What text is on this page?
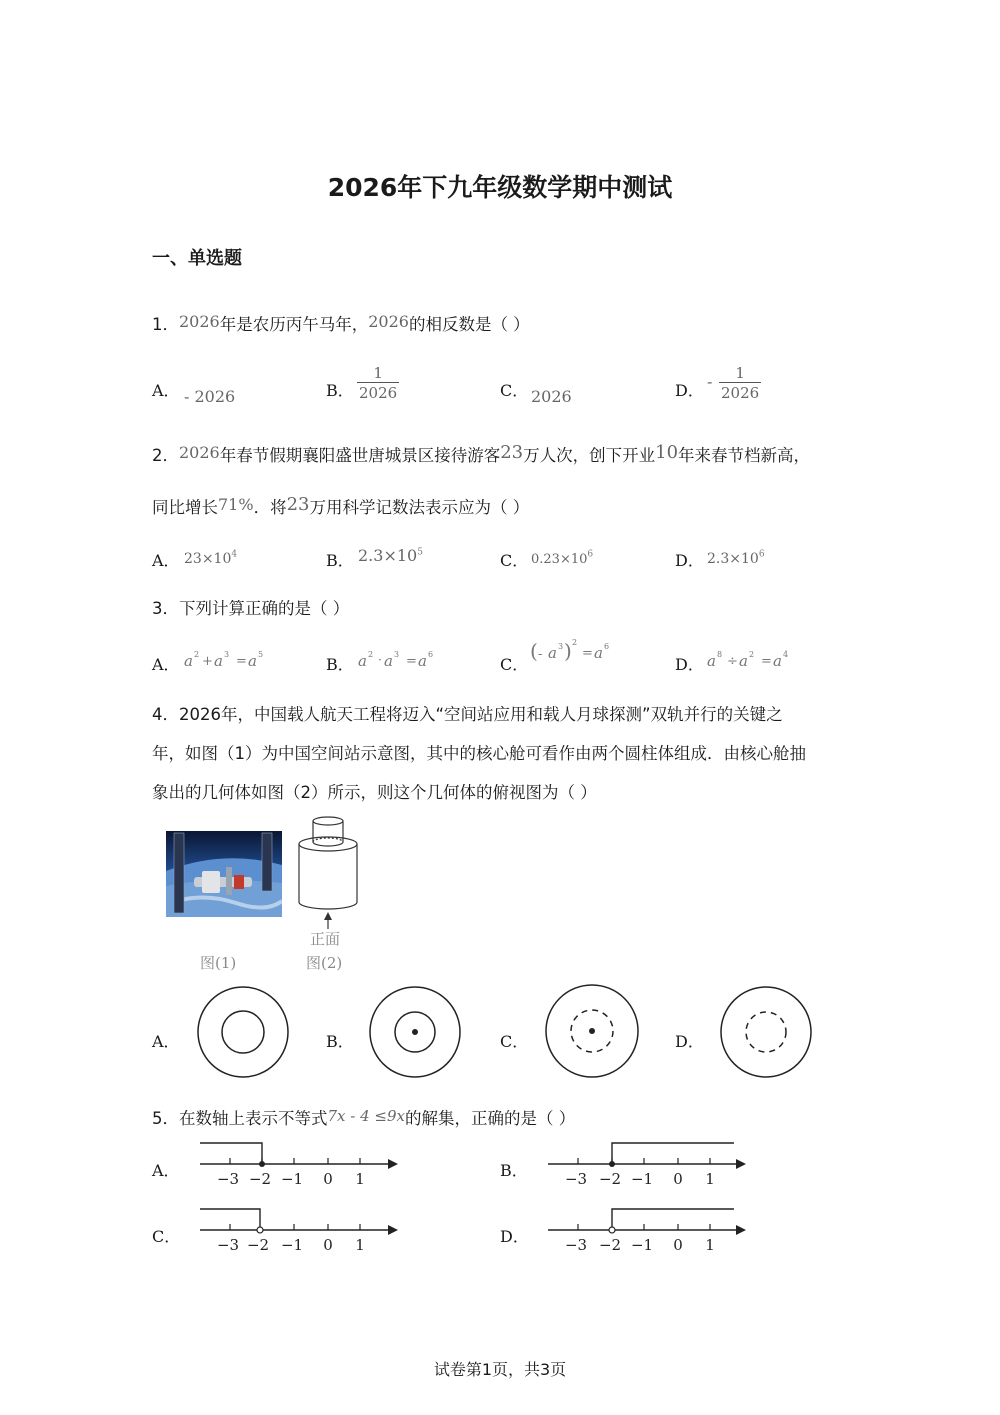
2026年下九年级数学期中测试
一、单选题
1．2026年是农历丙午马年，2026的相反数是（ ）
A． - 2026	B． $\frac{1}{2026}$	C． 2026	D． - $\frac{1}{2026}$
2．2026年春节假期襄阳盛世唐城景区接待游客23万人次，创下开业10年来春节档新高，
同比增长71%．将23万用科学记数法表示应为（ ）
A． $23\times 10^4$	B． $2.3\times 10^5$	C． $0.23\times 10^6$	D． $2.3\times 10^6$
3．下列计算正确的是（ ）
A． a 2 + a 3 = a 5
B． a 2 · a 3 = a 6
C．
( - a 3 ) 2
= a 6
D． a 8 ÷ a 2 = a 4
4．2026年，中国载人航天工程将迈入“空间站应用和载人月球探测”双轨并行的关键之
年，如图（1）为中国空间站示意图，其中的核心舱可看作由两个圆柱体组成．由核心舱抽
象出的几何体如图（2）所示，则这个几何体的俯视图为（ ）
图(1)
正面
图(2)
A．	B．	C．	D．
5．在数轴上表示不等式7x - 4 ≤9x的解集，正确的是（ ）
A． −3 −2 −1 0 1	B． −3 −2 −1 0 1
C． −3 −2 −1 0 1	D． −3 −2 −1 0 1
试卷第1页，共3页
